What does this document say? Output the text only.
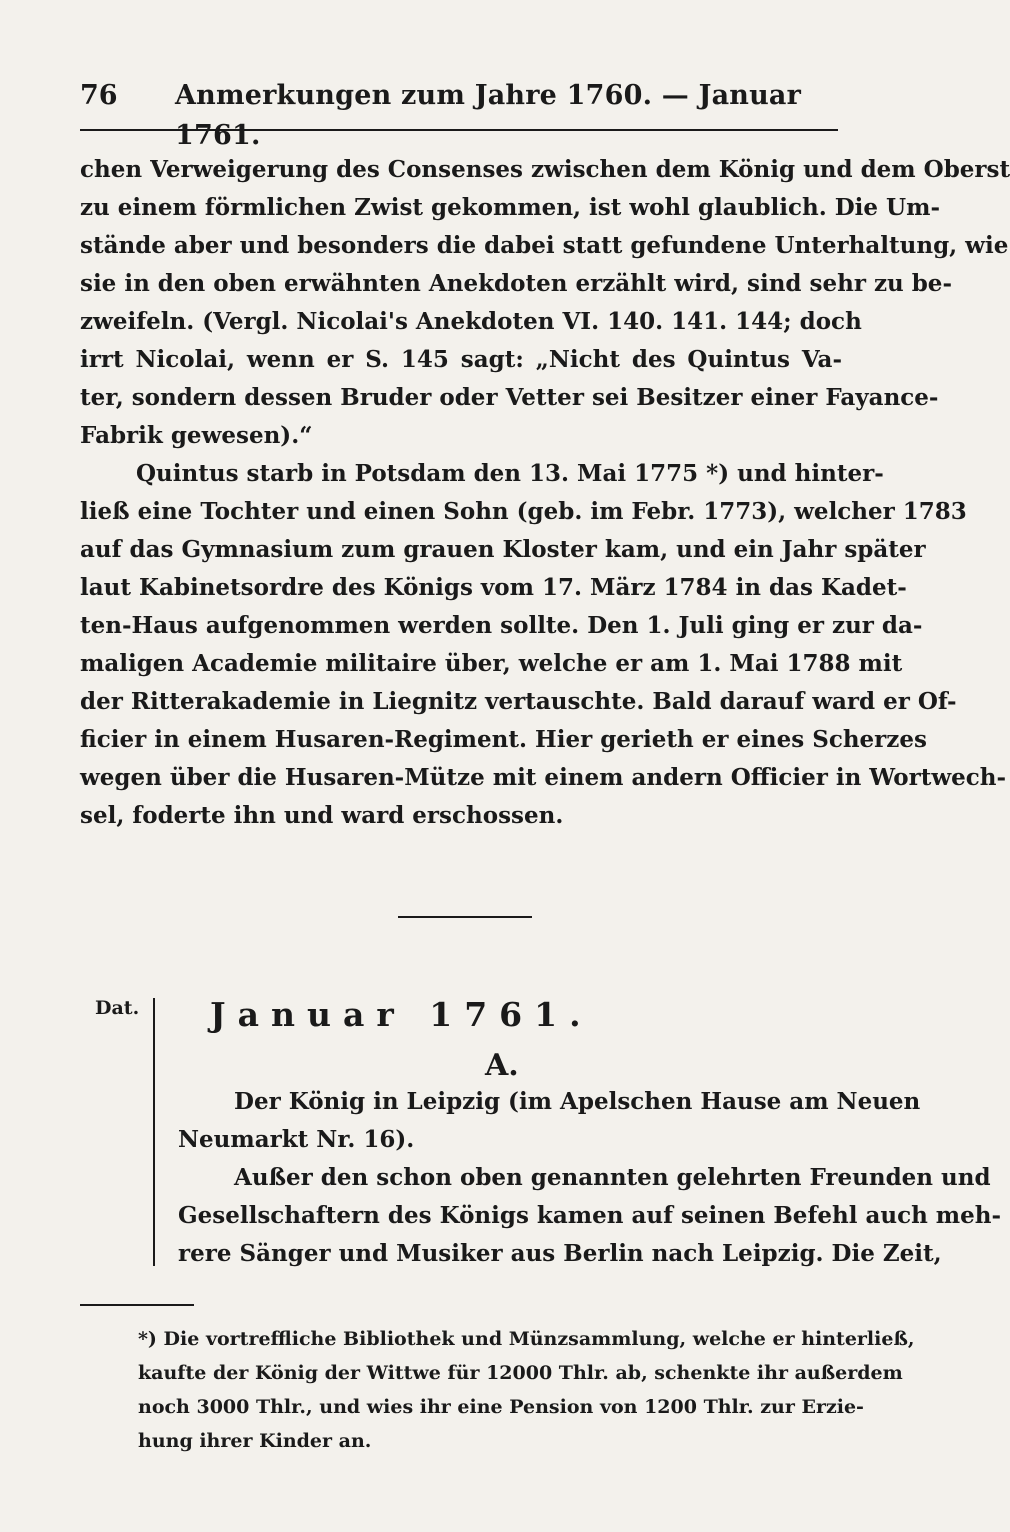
76 Anmerkungen zum Jahre 1760. — Januar 1761.
chen Verweigerung des Consenses zwischen dem König und dem Oberst
zu einem förmlichen Zwist gekommen, ist wohl glaublich. Die Um-
stände aber und besonders die dabei statt gefundene Unterhaltung, wie
sie in den oben erwähnten Anekdoten erzählt wird, sind sehr zu be-
zweifeln. (Vergl. Nicolai's Anekdoten VI. 140. 141. 144; doch
irrt Nicolai, wenn er S. 145 sagt: „Nicht des Quintus Va-
ter, sondern dessen Bruder oder Vetter sei Besitzer einer Fayance-
Fabrik gewesen).“
Quintus starb in Potsdam den 13. Mai 1775 *) und hinter-
ließ eine Tochter und einen Sohn (geb. im Febr. 1773), welcher 1783
auf das Gymnasium zum grauen Kloster kam, und ein Jahr später
laut Kabinetsordre des Königs vom 17. März 1784 in das Kadet-
ten-Haus aufgenommen werden sollte. Den 1. Juli ging er zur da-
maligen Academie militaire über, welche er am 1. Mai 1788 mit
der Ritterakademie in Liegnitz vertauschte. Bald darauf ward er Of-
ficier in einem Husaren-Regiment. Hier gerieth er eines Scherzes
wegen über die Husaren-Mütze mit einem andern Officier in Wortwech-
sel, foderte ihn und ward erschossen.
Dat. Januar 1761.
A.
Der König in Leipzig (im Apelschen Hause am Neuen
Neumarkt Nr. 16).
Außer den schon oben genannten gelehrten Freunden und
Gesellschaftern des Königs kamen auf seinen Befehl auch meh-
rere Sänger und Musiker aus Berlin nach Leipzig. Die Zeit,
*) Die vortreffliche Bibliothek und Münzsammlung, welche er hinterließ,
kaufte der König der Wittwe für 12000 Thlr. ab, schenkte ihr außerdem
noch 3000 Thlr., und wies ihr eine Pension von 1200 Thlr. zur Erzie-
hung ihrer Kinder an.
